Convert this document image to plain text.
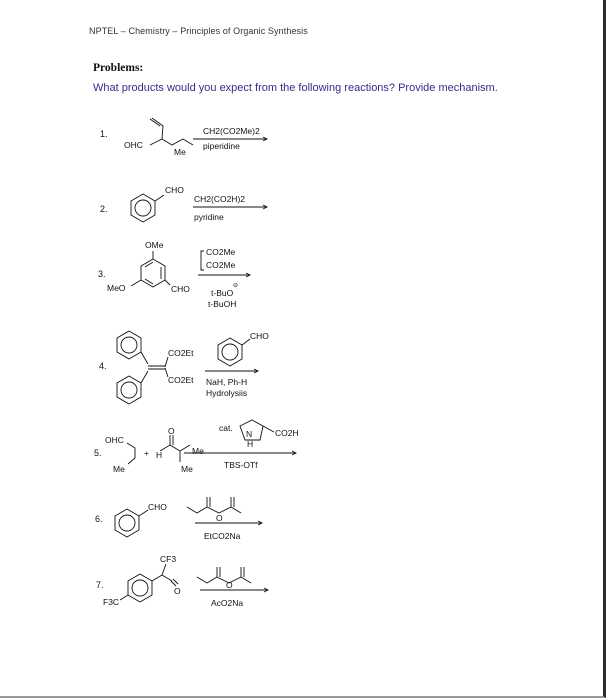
NPTEL – Chemistry – Principles of Organic Synthesis
Problems:
What products would you expect from the following reactions? Provide mechanism.
1.
OHC
Me
CH2(CO2Me)2
piperidine
2.
CHO
CH2(CO2H)2
pyridine
3.
OMe
MeO	CHO
CO2Me
CO2Me
t-BuO
⊖
t-BuOH
4.
CO2Et
CO2Et
CHO
NaH, Ph-H
Hydrolysiis
5.
OHC
Me
+ H	Me
Me
O	cat.
N
H
CO2H
TBS-OTf
6.
CHO
O
EtCO2Na
7.
CF3
O
F3C
O
AcO2Na
